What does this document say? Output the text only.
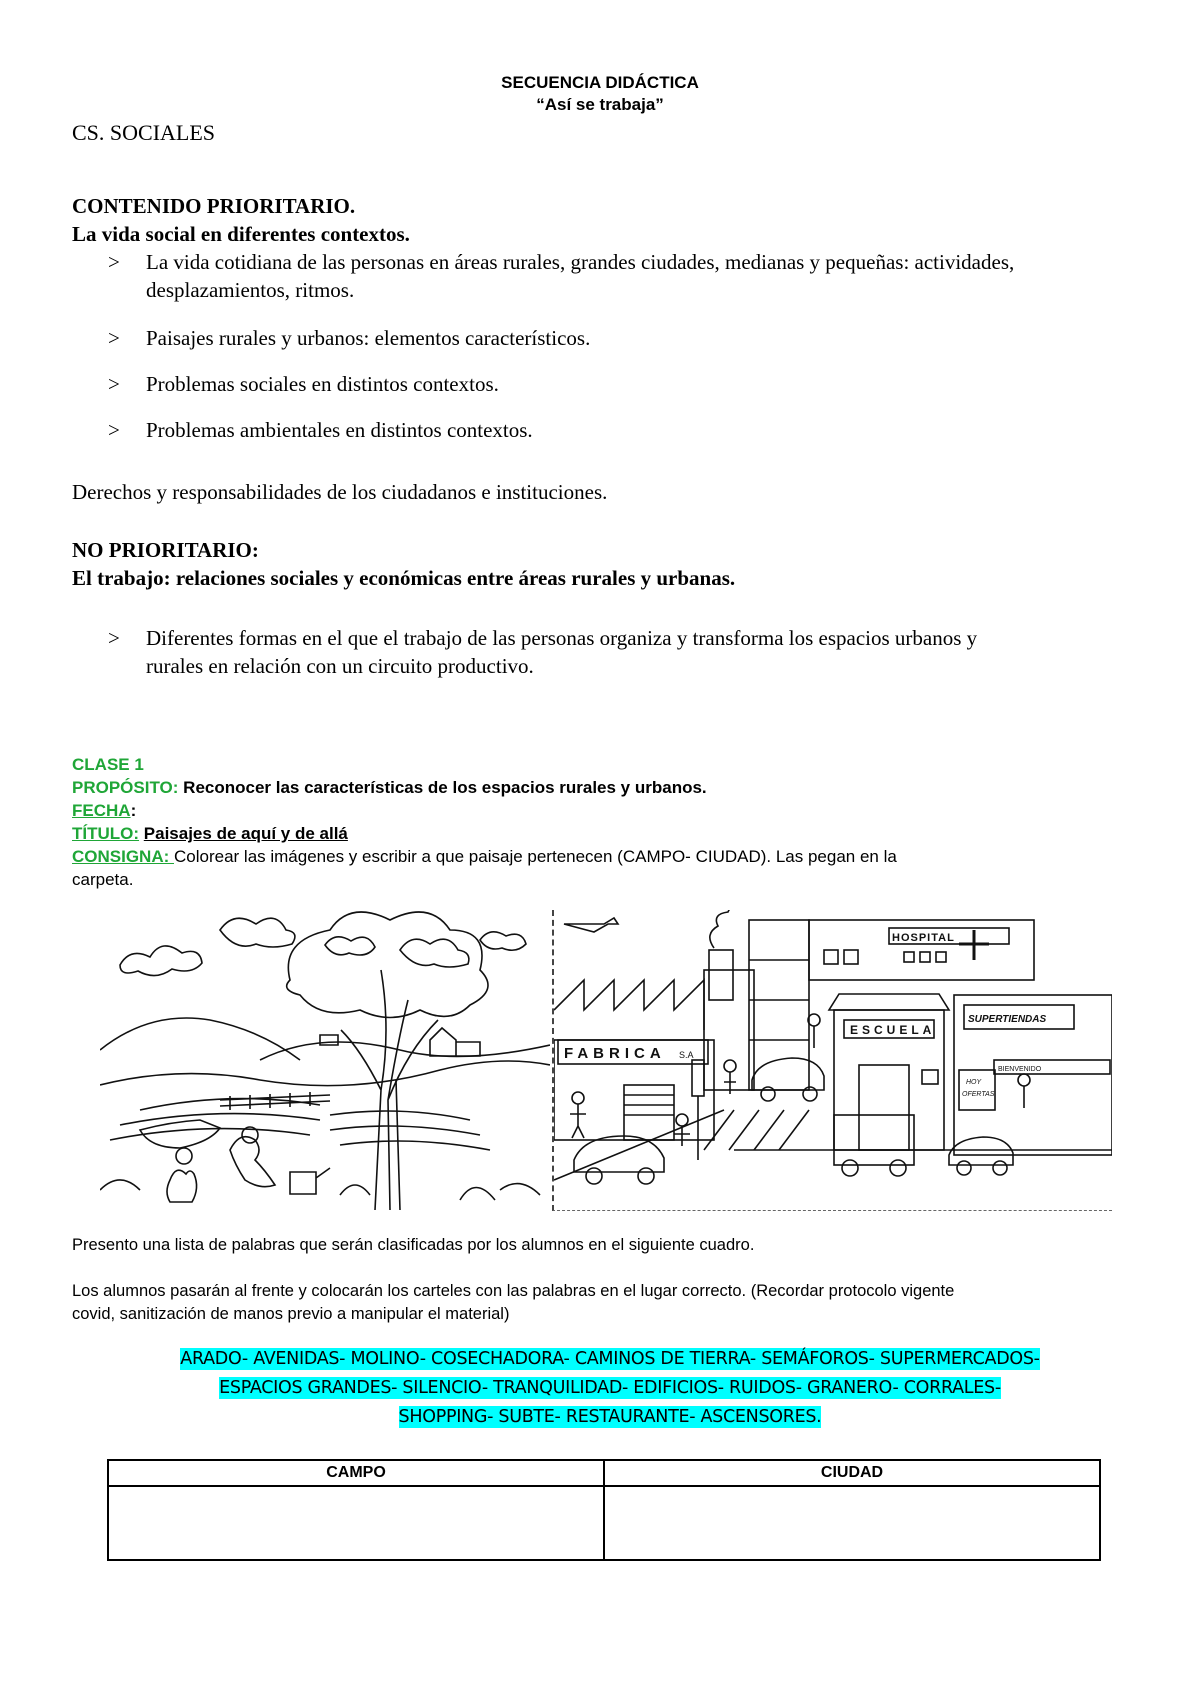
SECUENCIA DIDÁCTICA
“Así se trabaja”
CS. SOCIALES
CONTENIDO PRIORITARIO.
La vida social en diferentes contextos.
> La vida cotidiana de las personas en áreas rurales, grandes ciudades, medianas y pequeñas: actividades,
desplazamientos, ritmos.
> Paisajes rurales y urbanos: elementos característicos.
> Problemas sociales en distintos contextos.
> Problemas ambientales en distintos contextos.
Derechos y responsabilidades de los ciudadanos e instituciones.
NO PRIORITARIO:
El trabajo: relaciones sociales y económicas entre áreas rurales y urbanas.
> Diferentes formas en el que el trabajo de las personas organiza y transforma los espacios urbanos y
rurales en relación con un circuito productivo.
CLASE 1
PROPÓSITO: Reconocer las características de los espacios rurales y urbanos.
FECHA:
TÍTULO: Paisajes de aquí y de allá
CONSIGNA: Colorear las imágenes y escribir a que paisaje pertenecen (CAMPO- CIUDAD). Las pegan en la
carpeta.
FABRICA S.A
HOSPITAL
ESCUELA
SUPERTIENDAS
BIENVENIDO
HOY
OFERTAS
Presento una lista de palabras que serán clasificadas por los alumnos en el siguiente cuadro.
Los alumnos pasarán al frente y colocarán los carteles con las palabras en el lugar correcto. (Recordar protocolo vigente
covid, sanitización de manos previo a manipular el material)
ARADO- AVENIDAS- MOLINO- COSECHADORA- CAMINOS DE TIERRA- SEMÁFOROS- SUPERMERCADOS-
ESPACIOS GRANDES- SILENCIO- TRANQUILIDAD- EDIFICIOS- RUIDOS- GRANERO- CORRALES-
SHOPPING- SUBTE- RESTAURANTE- ASCENSORES.
CAMPO	CIUDAD
